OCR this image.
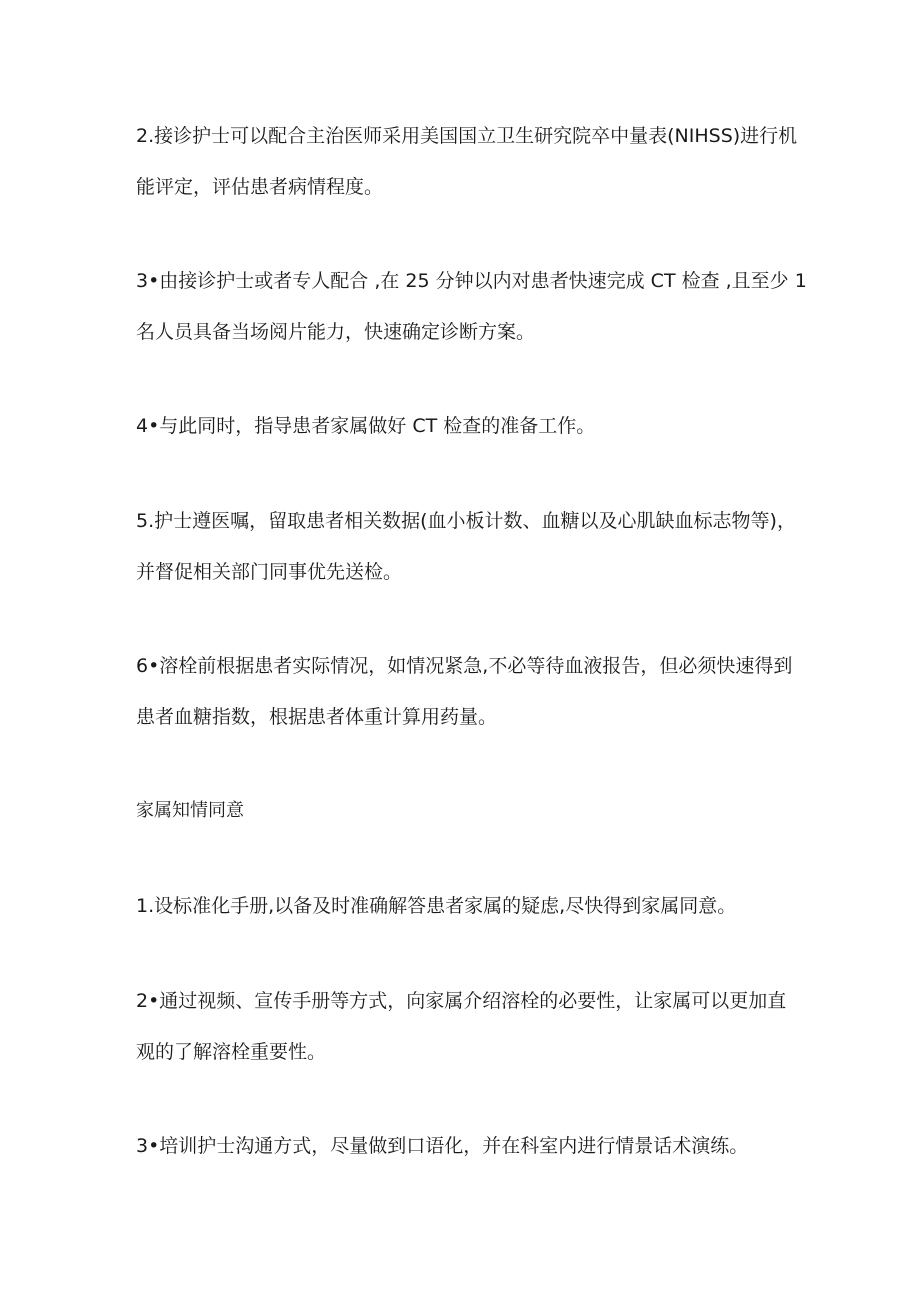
2.接诊护士可以配合主治医师采用美国国立卫生研究院卒中量表(NIHSS)进行机
能评定，评估患者病情程度。
3•由接诊护士或者专人配合 ,在 25 分钟以内对患者快速完成 CT 检查 ,且至少 1
名人员具备当场阅片能力，快速确定诊断方案。
4•与此同时，指导患者家属做好 CT 检查的准备工作。
5.护士遵医嘱，留取患者相关数据(血小板计数、血糖以及心肌缺血标志物等)，
并督促相关部门同事优先送检。
6•溶栓前根据患者实际情况，如情况紧急,不必等待血液报告，但必须快速得到
患者血糖指数，根据患者体重计算用药量。
家属知情同意
1.设标准化手册,以备及时准确解答患者家属的疑虑,尽快得到家属同意。
2•通过视频、宣传手册等方式，向家属介绍溶栓的必要性，让家属可以更加直
观的了解溶栓重要性。
3•培训护士沟通方式，尽量做到口语化，并在科室内进行情景话术演练。
